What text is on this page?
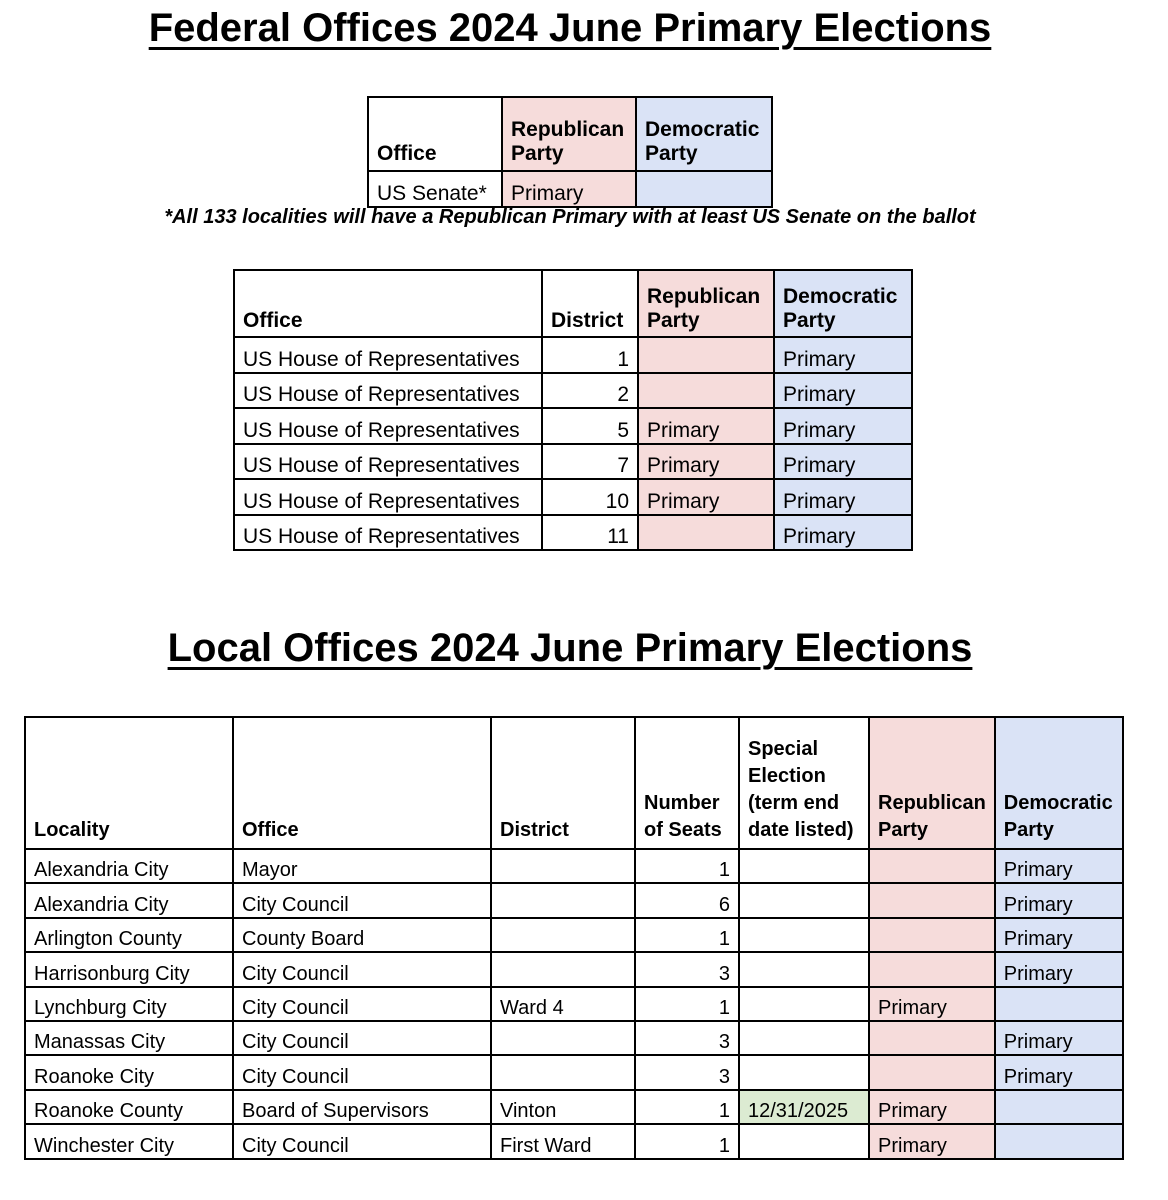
Federal Offices 2024 June Primary Elections
Office	Republican Party	Democratic Party
US Senate*	Primary	
*All 133 localities will have a Republican Primary with at least US Senate on the ballot
Office	District	Republican Party	Democratic Party
US House of Representatives	1		Primary
US House of Representatives	2		Primary
US House of Representatives	5	Primary	Primary
US House of Representatives	7	Primary	Primary
US House of Representatives	10	Primary	Primary
US House of Representatives	11		Primary
Local Offices 2024 June Primary Elections
Locality	Office	District	Number of Seats	Special Election (term end date listed)	Republican Party	Democratic Party
Alexandria City	Mayor		1			Primary
Alexandria City	City Council		6			Primary
Arlington County	County Board		1			Primary
Harrisonburg City	City Council		3			Primary
Lynchburg City	City Council	Ward 4	1		Primary	
Manassas City	City Council		3			Primary
Roanoke City	City Council		3			Primary
Roanoke County	Board of Supervisors	Vinton	1	12/31/2025	Primary	
Winchester City	City Council	First Ward	1		Primary	
